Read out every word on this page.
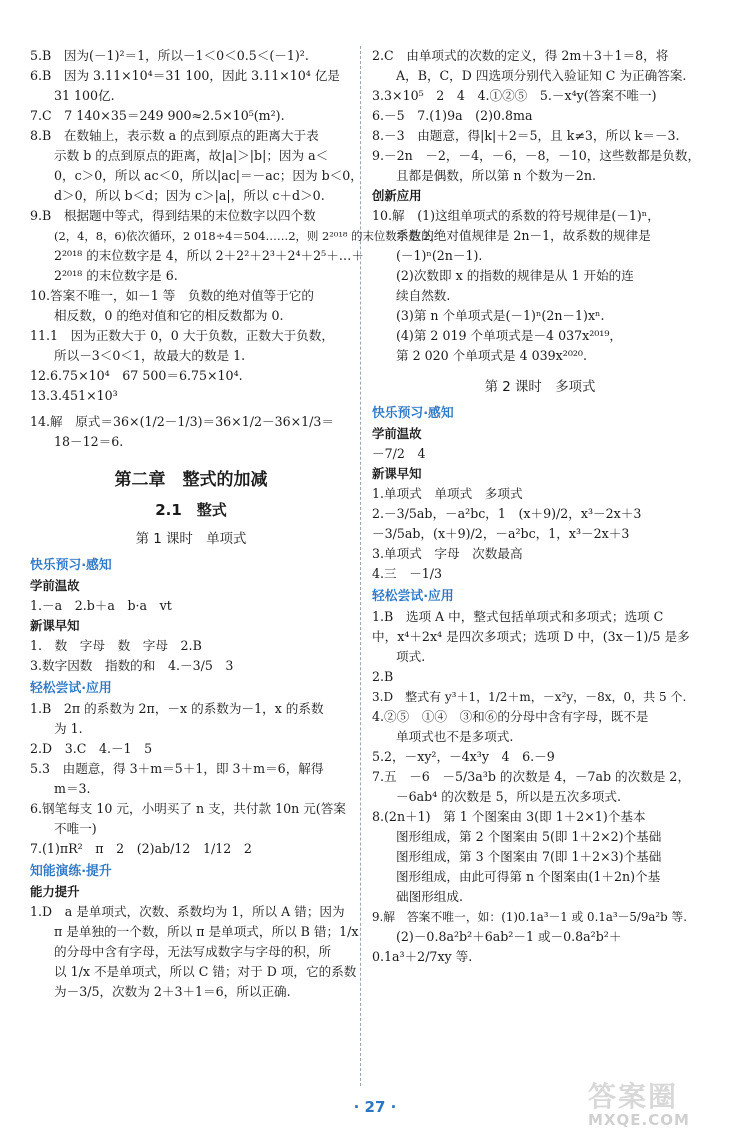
5.B　因为(－1)²＝1，所以－1＜0＜0.5＜(－1)².
6.B　因为 3.11×10⁴＝31 100，因此 3.11×10⁴ 亿是
31 100亿.
7.C　7 140×35＝249 900≈2.5×10⁵(m²).
8.B　在数轴上，表示数 a 的点到原点的距离大于表
示数 b 的点到原点的距离，故|a|＞|b|；因为 a＜
0，c＞0，所以 ac＜0，所以|ac|＝－ac；因为 b＜0，
d＞0，所以 b＜d；因为 c＞|a|，所以 c＋d＞0.
9.B　根据题中等式，得到结果的末位数字以四个数
(2，4，8，6)依次循环，2 018÷4＝504……2，则 2²⁰¹⁸ 的末位数字是 2，
2²⁰¹⁸ 的末位数字是 4，所以 2＋2²＋2³＋2⁴＋2⁵＋…＋
2²⁰¹⁸ 的末位数字是 6.
10.答案不唯一，如－1 等　负数的绝对值等于它的
相反数，0 的绝对值和它的相反数都为 0.
11.1　因为正数大于 0，0 大于负数，正数大于负数，
所以－3＜0＜1，故最大的数是 1.
12.6.75×10⁴　67 500＝6.75×10⁴.
13.3.451×10³
14.解　原式＝36×(1/2－1/3)＝36×1/2－36×1/3＝
18－12＝6.
第二章　整式的加减
2.1　整式
第 1 课时　单项式
快乐预习·感知
学前温故
1.－a　2.b＋a　b·a　vt
新课早知
1.　数　字母　数　字母　2.B
3.数字因数　指数的和　4.－3/5　3
轻松尝试·应用
1.B　2π 的系数为 2π，－x 的系数为－1，x 的系数
为 1.
2.D　3.C　4.－1　5
5.3　由题意，得 3＋m＝5＋1，即 3＋m＝6，解得
m＝3.
6.钢笔每支 10 元，小明买了 n 支，共付款 10n 元(答案
不唯一)
7.(1)πR²　π　2　(2)ab/12　1/12　2
知能演练·提升
能力提升
1.D　a 是单项式，次数、系数均为 1，所以 A 错；因为
π 是单独的一个数，所以 π 是单项式，所以 B 错；1/x
的分母中含有字母，无法写成数字与字母的积，所
以 1/x 不是单项式，所以 C 错；对于 D 项，它的系数
为－3/5，次数为 2＋3＋1＝6，所以正确.
2.C　由单项式的次数的定义，得 2m＋3＋1＝8，将
A，B，C，D 四选项分别代入验证知 C 为正确答案.
3.3×10⁵　2　4　4.①②⑤　5.－x⁴y(答案不唯一)
6.－5　7.(1)9a　(2)0.8ma
8.－3　由题意，得|k|＋2＝5，且 k≠3，所以 k＝－3.
9.－2n　－2，－4，－6，－8，－10，这些数都是负数，
且都是偶数，所以第 n 个数为－2n.
创新应用
10.解　(1)这组单项式的系数的符号规律是(－1)ⁿ，
系数的绝对值规律是 2n－1，故系数的规律是
(－1)ⁿ(2n－1).
(2)次数即 x 的指数的规律是从 1 开始的连
续自然数.
(3)第 n 个单项式是(－1)ⁿ(2n－1)xⁿ.
(4)第 2 019 个单项式是－4 037x²⁰¹⁹，
第 2 020 个单项式是 4 039x²⁰²⁰.
第 2 课时　多项式
快乐预习·感知
学前温故
－7/2　4
新课早知
1.单项式　单项式　多项式
2.－3/5ab，－a²bc，1　(x＋9)/2，x³－2x＋3
－3/5ab，(x＋9)/2，－a²bc，1，x³－2x＋3
3.单项式　字母　次数最高
4.三　－1/3
轻松尝试·应用
1.B　选项 A 中，整式包括单项式和多项式；选项 C
中，x⁴＋2x⁴ 是四次多项式；选项 D 中，(3x－1)/5 是多
项式.
2.B
3.D　整式有 y³＋1，1/2＋m，－x²y，－8x，0，共 5 个.
4.②⑤　①④　③和⑥的分母中含有字母，既不是
单项式也不是多项式.
5.2，－xy²，－4x³y　4　6.－9
7.五　－6　－5/3a³b 的次数是 4，－7ab 的次数是 2，
－6ab⁴ 的次数是 5，所以是五次多项式.
8.(2n＋1)　第 1 个图案由 3(即 1＋2×1)个基本
图形组成，第 2 个图案由 5(即 1＋2×2)个基础
图形组成，第 3 个图案由 7(即 1＋2×3)个基础
图形组成，由此可得第 n 个图案由(1＋2n)个基
础图形组成.
9.解　答案不唯一，如：(1)0.1a³－1 或 0.1a³－5/9a²b 等.
(2)－0.8a²b²＋6ab²－1 或－0.8a²b²＋
0.1a³＋2/7xy 等.
· 27 ·	答案圈
MXQE.COM
